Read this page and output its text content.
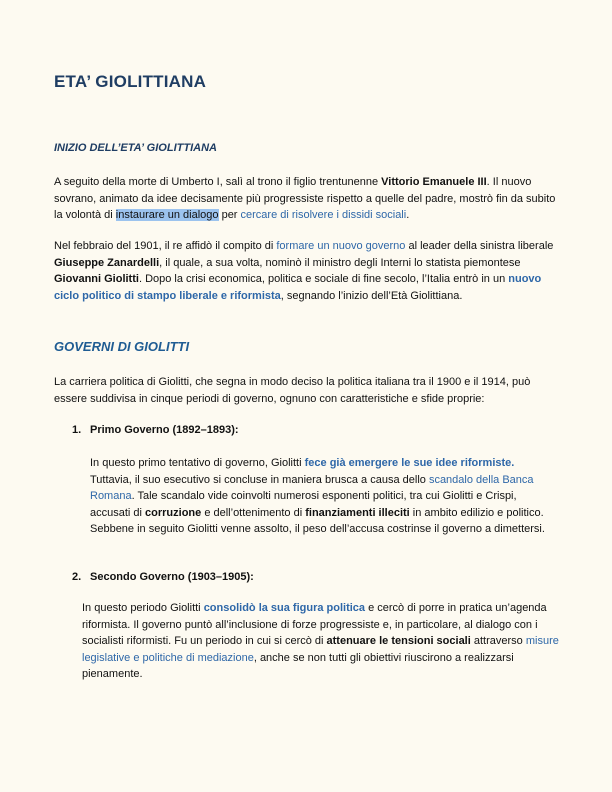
ETA’ GIOLITTIANA
INIZIO DELL’ETA’ GIOLITTIANA

A seguito della morte di Umberto I, salì al trono il figlio trentunenne Vittorio Emanuele III. Il nuovo sovrano, animato da idee decisamente più progressiste rispetto a quelle del padre, mostrò fin da subito la volontà di instaurare un dialogo per cercare di risolvere i dissidi sociali.

Nel febbraio del 1901, il re affidò il compito di formare un nuovo governo al leader della sinistra liberale Giuseppe Zanardelli, il quale, a sua volta, nominò il ministro degli Interni lo statista piemontese Giovanni Giolitti. Dopo la crisi economica, politica e sociale di fine secolo, l’Italia entrò in un nuovo ciclo politico di stampo liberale e riformista, segnando l’inizio dell’Età Giolittiana.

GOVERNI DI GIOLITTI

La carriera politica di Giolitti, che segna in modo deciso la politica italiana tra il 1900 e il 1914, può essere suddivisa in cinque periodi di governo, ognuno con caratteristiche e sfide proprie:

1. Primo Governo (1892–1893):

In questo primo tentativo di governo, Giolitti fece già emergere le sue idee riformiste. Tuttavia, il suo esecutivo si concluse in maniera brusca a causa dello scandalo della Banca Romana. Tale scandalo vide coinvolti numerosi esponenti politici, tra cui Giolitti e Crispi, accusati di corruzione e dell’ottenimento di finanziamenti illeciti in ambito edilizio e politico. Sebbene in seguito Giolitti venne assolto, il peso dell’accusa costrinse il governo a dimettersi.

2. Secondo Governo (1903–1905):

In questo periodo Giolitti consolidò la sua figura politica e cercò di porre in pratica un’agenda riformista. Il governo puntò all’inclusione di forze progressiste e, in particolare, al dialogo con i socialisti riformisti. Fu un periodo in cui si cercò di attenuare le tensioni sociali attraverso misure legislative e politiche di mediazione, anche se non tutti gli obiettivi riuscirono a realizzarsi pienamente.
